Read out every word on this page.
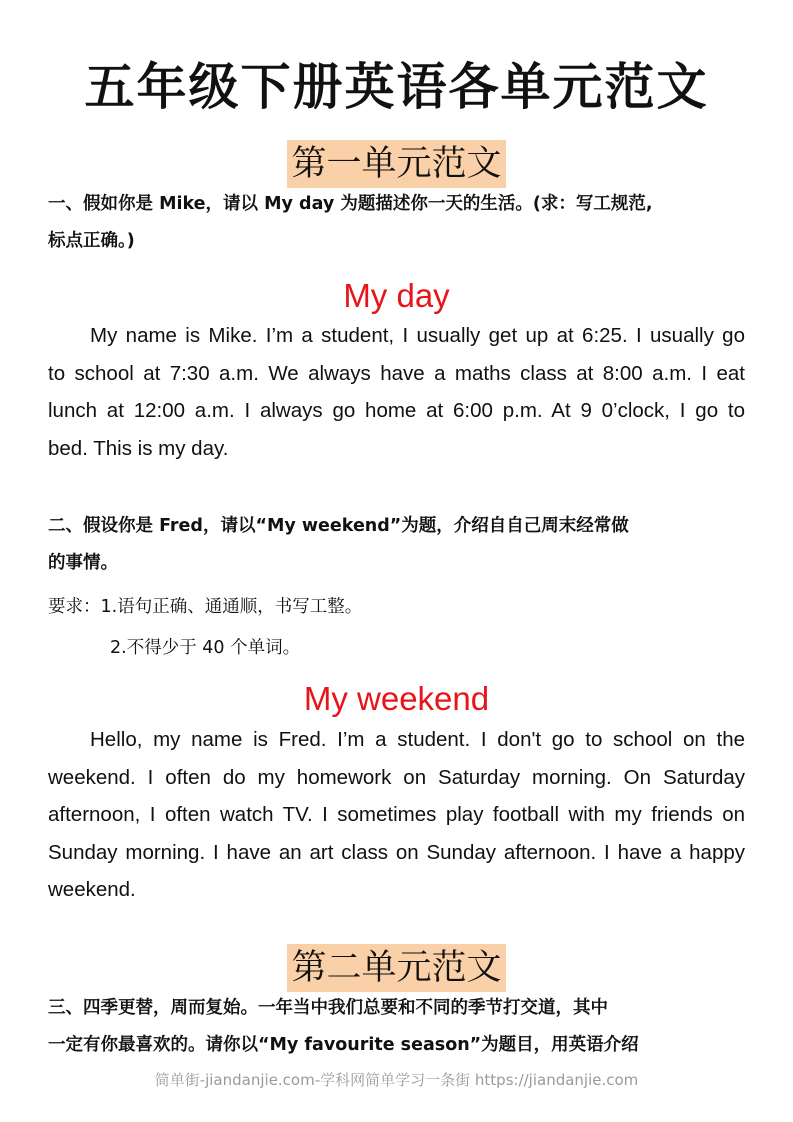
五年级下册英语各单元范文
第一单元范文
一、假如你是 Mike，请以 My day 为题描述你一天的生活。(求：写工规范,
标点正确。)
My day
My name is Mike. I’m a student, I usually get up at 6:25. I usually go
to school at 7:30 a.m. We always have a maths class at 8:00 a.m. I eat
lunch at 12:00 a.m. I always go home at 6:00 p.m. At 9 0’clock, I go to
bed. This is my day.
二、假设你是 Fred，请以“My weekend”为题，介绍自自己周末经常做
的事情。
要求：1.语句正确、通通顺，书写工整。
2.不得少于 40 个单词。
My weekend
Hello, my name is Fred. I’m a student. I don't go to school on the
weekend. I often do my homework on Saturday morning. On Saturday
afternoon, I often watch TV. I sometimes play football with my friends on
Sunday morning. I have an art class on Sunday afternoon. I have a happy
weekend.
第二单元范文
三、四季更替，周而复始。一年当中我们总要和不同的季节打交道，其中
一定有你最喜欢的。请你以“My favourite season”为题目，用英语介绍

简单街-jiandanjie.com-学科网简单学习一条街 https://jiandanjie.com
